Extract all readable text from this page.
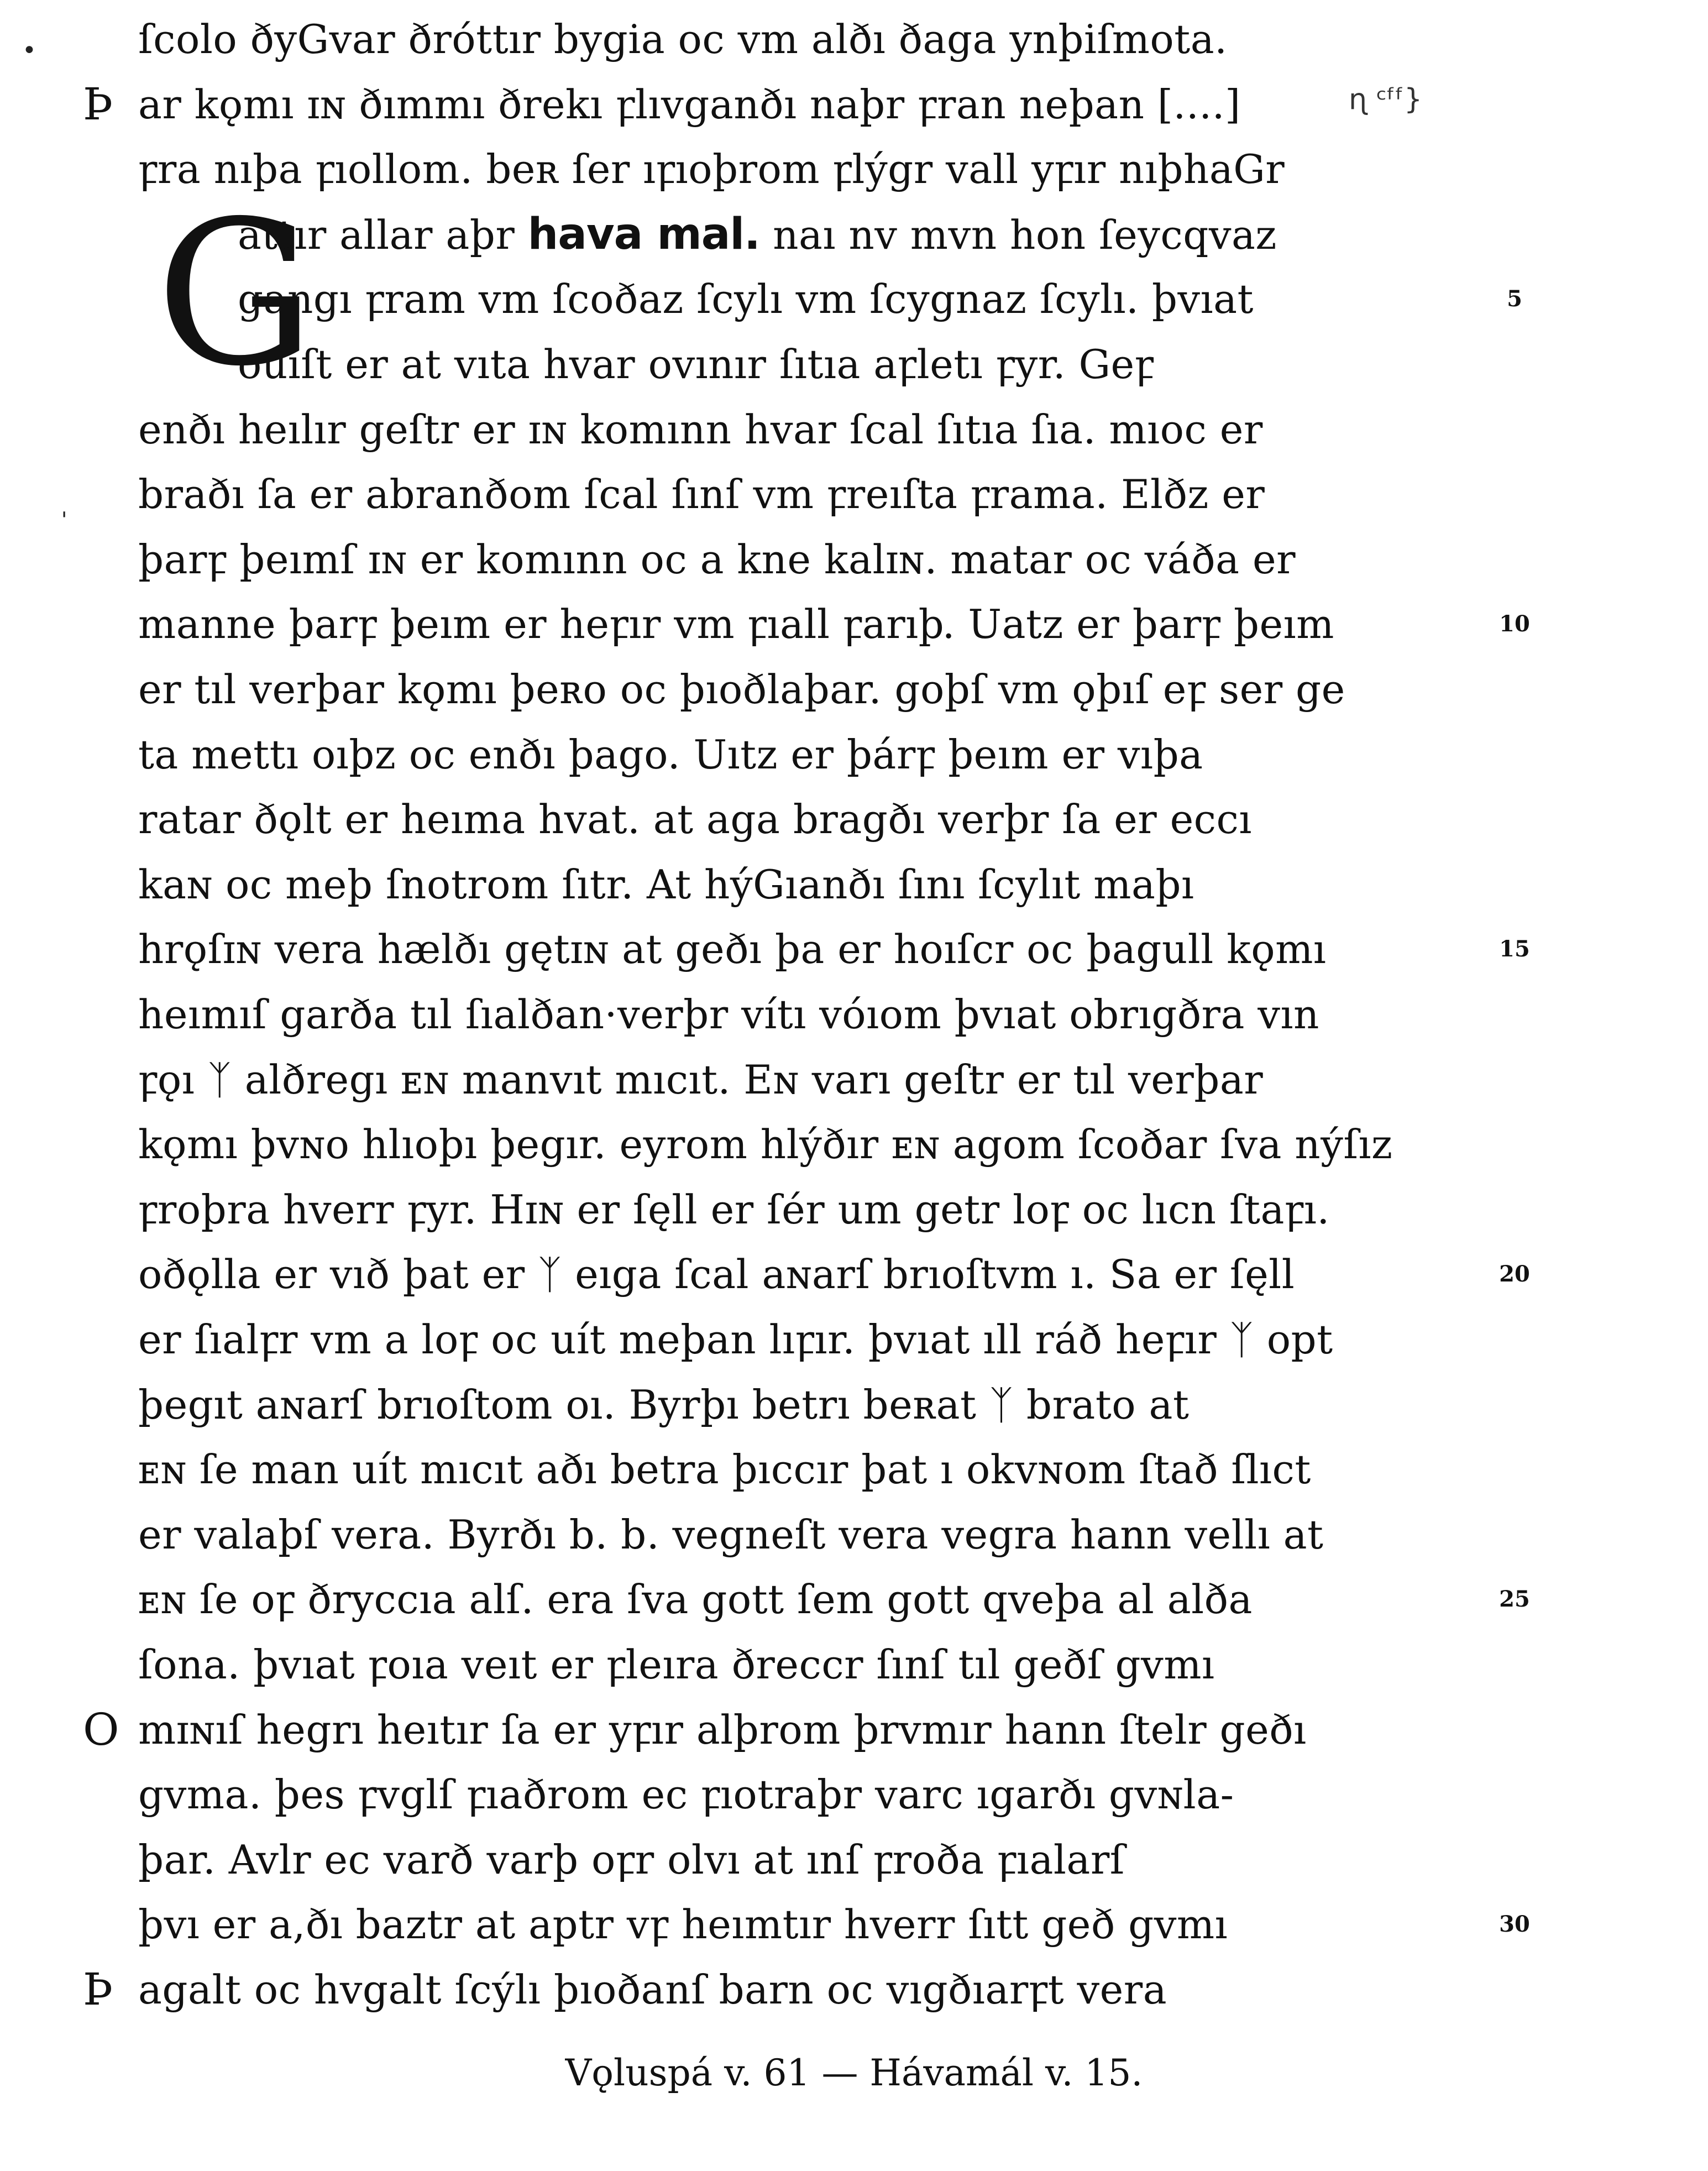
G
ɳ ᶜᶠᶠ}
•
ˌ
ſcolo ðyGvar ðróttır bygia oc vm alðı ðaga ynþiſmota.
ar kǫmı ɪɴ ðımmı ðrekı ꝼlıvganðı naþr ꝼran neþan [....]
Þ
ꝼra nıþa ꝼıollom. beʀ ſer ıꝼıoþrom ꝼlýgr vall yꝼır nıþhaGr
attır allar aþr hava mal. naı nv mvn hon ſeycqvaz
gangı ꝼram vm ſcoðaz ſcylı vm ſcygnaz ſcylı. þvıat	5
ouıſt er at vıta hvar ovınır ſıtıa aꝼletı ꝼyr. Geꝼ
enðı heılır geſtr er ɪɴ komınn hvar ſcal ſıtıa ſıa. mıoc er
braðı ſa er abranðom ſcal ſınſ vm ꝼreıſta ꝼrama. Elðz er
þarꝼ þeımſ ɪɴ er komınn oc a kne kalɪɴ. matar oc váða er
manne þarꝼ þeım er heꝼır vm ꝼıall ꝼarıþ. Uatz er þarꝼ þeım	10
er tıl verþar kǫmı þeʀo oc þıoðlaþar. goþſ vm ǫþıſ eꝼ ser ge
ta mettı oıþz oc enðı þago. Uıtz er þárꝼ þeım er vıþa
ratar ðǫlt er heıma hvat. at aga bragðı verþr ſa er eccı
kaɴ oc meþ ſnotrom ſıtr. At hýGıanðı ſını ſcylıt maþı
hrǫſɪɴ vera hælðı gętɪɴ at geðı þa er hoıſcr oc þagull kǫmı	15
heımıſ garða tıl ſıalðan·verþr vítı vóıom þvıat obrıgðra vın
ꝼǫı ᛉ alðregı ᴇɴ manvıt mıcıt. Eɴ varı geſtr er tıl verþar
kǫmı þvɴo hlıoþı þegır. eyrom hlýðır ᴇɴ agom ſcoðar ſva nýſız
ꝼroþra hverr ꝼyr. Hɪɴ er ſęll er ſér um getr loꝼ oc lıcn ſtaꝼı.
oðǫlla er vıð þat er ᛉ eıga ſcal aɴarſ brıoſtvm ı. Sa er ſęll	20
er ſıalꝼr vm a loꝼ oc uít meþan lıꝼır. þvıat ıll ráð heꝼır ᛉ opt
þegıt aɴarſ brıoſtom oı. Byrþı betrı beʀat ᛉ brato at
ᴇɴ ſe man uít mıcıt aðı betra þıccır þat ı okvɴom ſtað ſlıct
er valaþſ vera. Byrðı b. b. vegneſt vera vegra hann vellı at
ᴇɴ ſe oꝼ ðryccıa alſ. era ſva gott ſem gott qveþa al alða	25
ſona. þvıat ꝼoıa veıt er ꝼleıra ðreccr ſınſ tıl geðſ gvmı
mɪɴıſ hegrı heıtır ſa er yꝼır alþrom þrvmır hann ſtelr geðı
O
gvma. þes ꝼvglſ ꝼıaðrom ec ꝼıotraþr varc ıgarðı gvɴla-
þar. Avlr ec varð varþ oꝼr olvı at ınſ ꝼroða ꝼıalarſ
þvı er a,ðı baztr at aptr vꝼ heımtır hverr ſıtt geð gvmı	30
agalt oc hvgalt ſcýlı þıoðanſ barn oc vıgðıarꝼt vera
Þ
Vǫluspá v. 61 — Hávamál v. 15.
